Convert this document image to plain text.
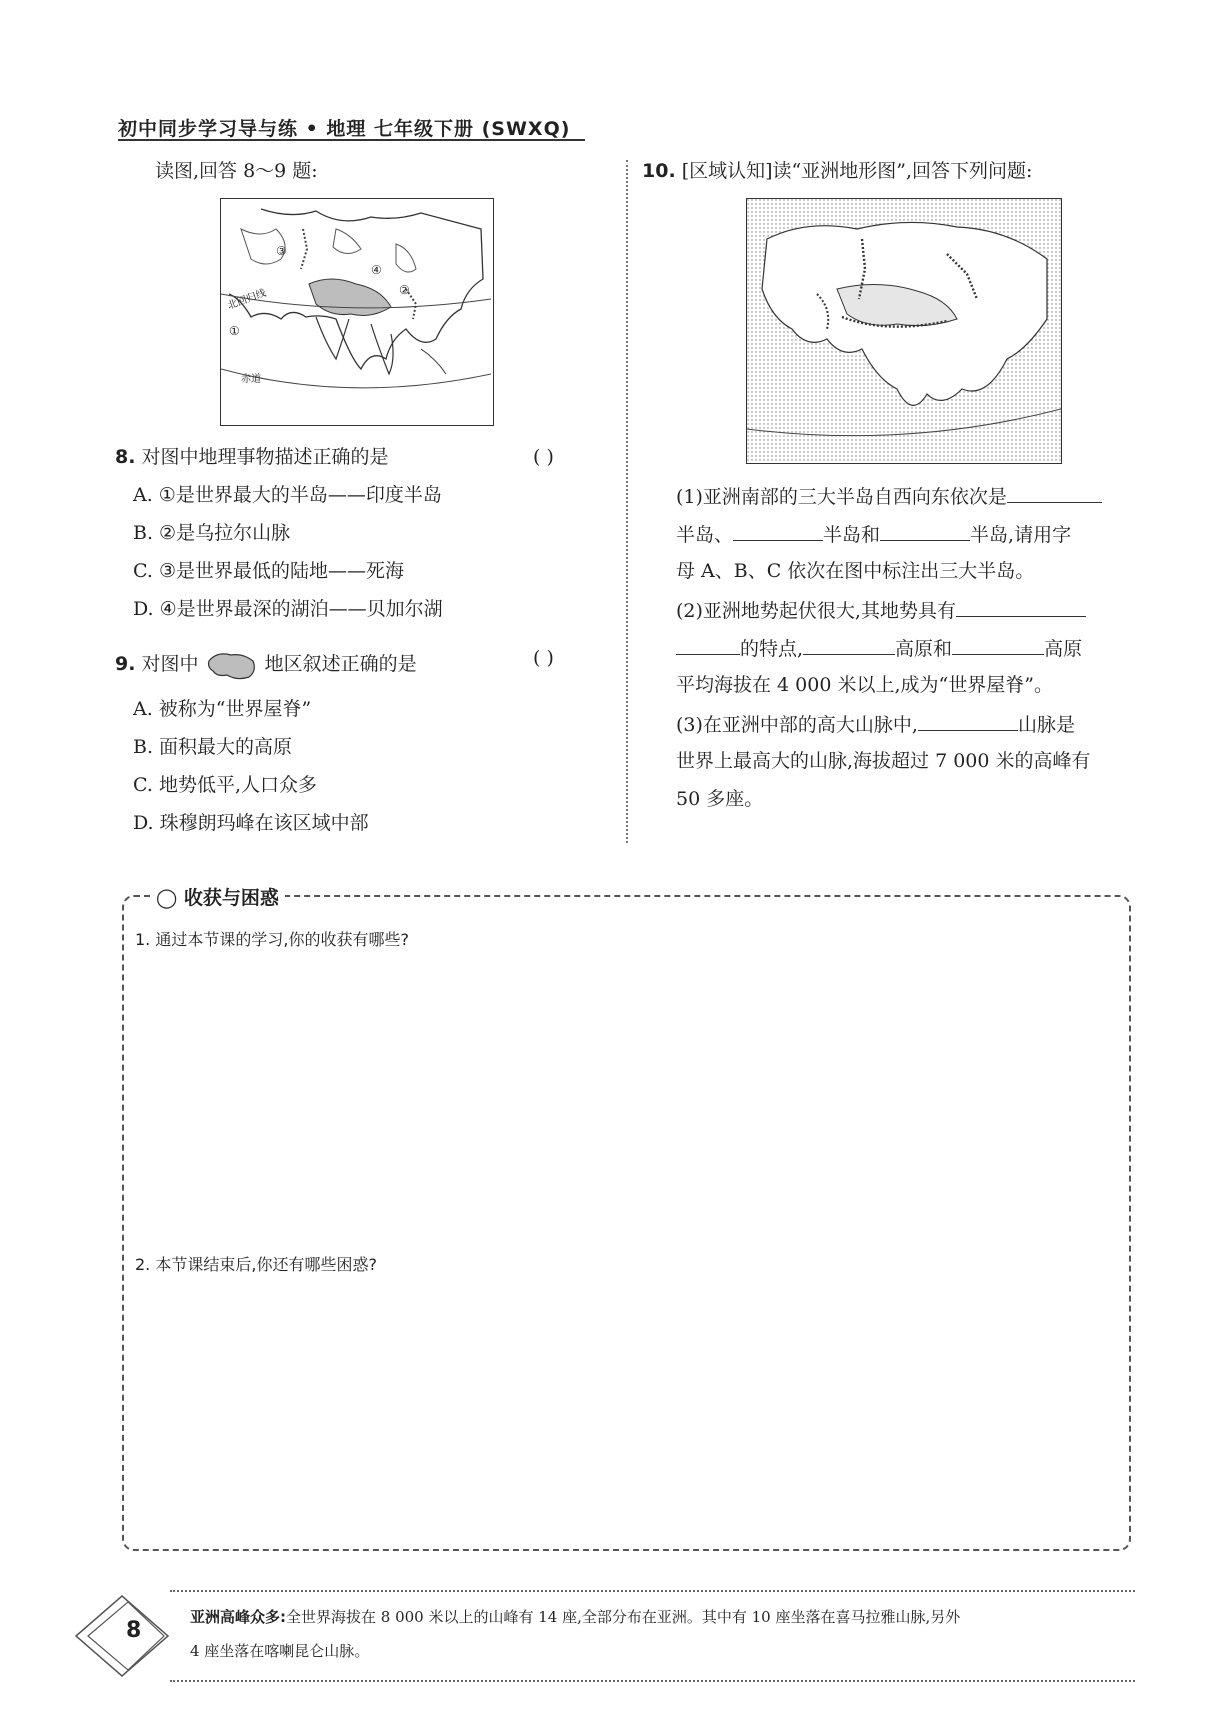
初中同步学习导与练 • 地理 七年级下册 (SWXQ)
读图,回答 8～9 题:
③
④
②
①
北回归线
赤道
8. 对图中地理事物描述正确的是	( )
A. ①是世界最大的半岛——印度半岛
B. ②是乌拉尔山脉
C. ③是世界最低的陆地——死海
D. ④是世界最深的湖泊——贝加尔湖
9. 对图中	地区叙述正确的是	( )
A. 被称为“世界屋脊”
B. 面积最大的高原
C. 地势低平,人口众多
D. 珠穆朗玛峰在该区域中部
10. [区域认知]读“亚洲地形图”,回答下列问题:
(1)亚洲南部的三大半岛自西向东依次是
半岛、	半岛和	半岛,请用字
母 A、B、C 依次在图中标注出三大半岛。
(2)亚洲地势起伏很大,其地势具有
的特点,	高原和	高原
平均海拔在 4 000 米以上,成为“世界屋脊”。
(3)在亚洲中部的高大山脉中,	山脉是
世界上最高大的山脉,海拔超过 7 000 米的高峰有
50 多座。
◯ 收获与困惑
1. 通过本节课的学习,你的收获有哪些?
2. 本节课结束后,你还有哪些困惑?
8
亚洲高峰众多:全世界海拔在 8 000 米以上的山峰有 14 座,全部分布在亚洲。其中有 10 座坐落在喜马拉雅山脉,另外
4 座坐落在喀喇昆仑山脉。
